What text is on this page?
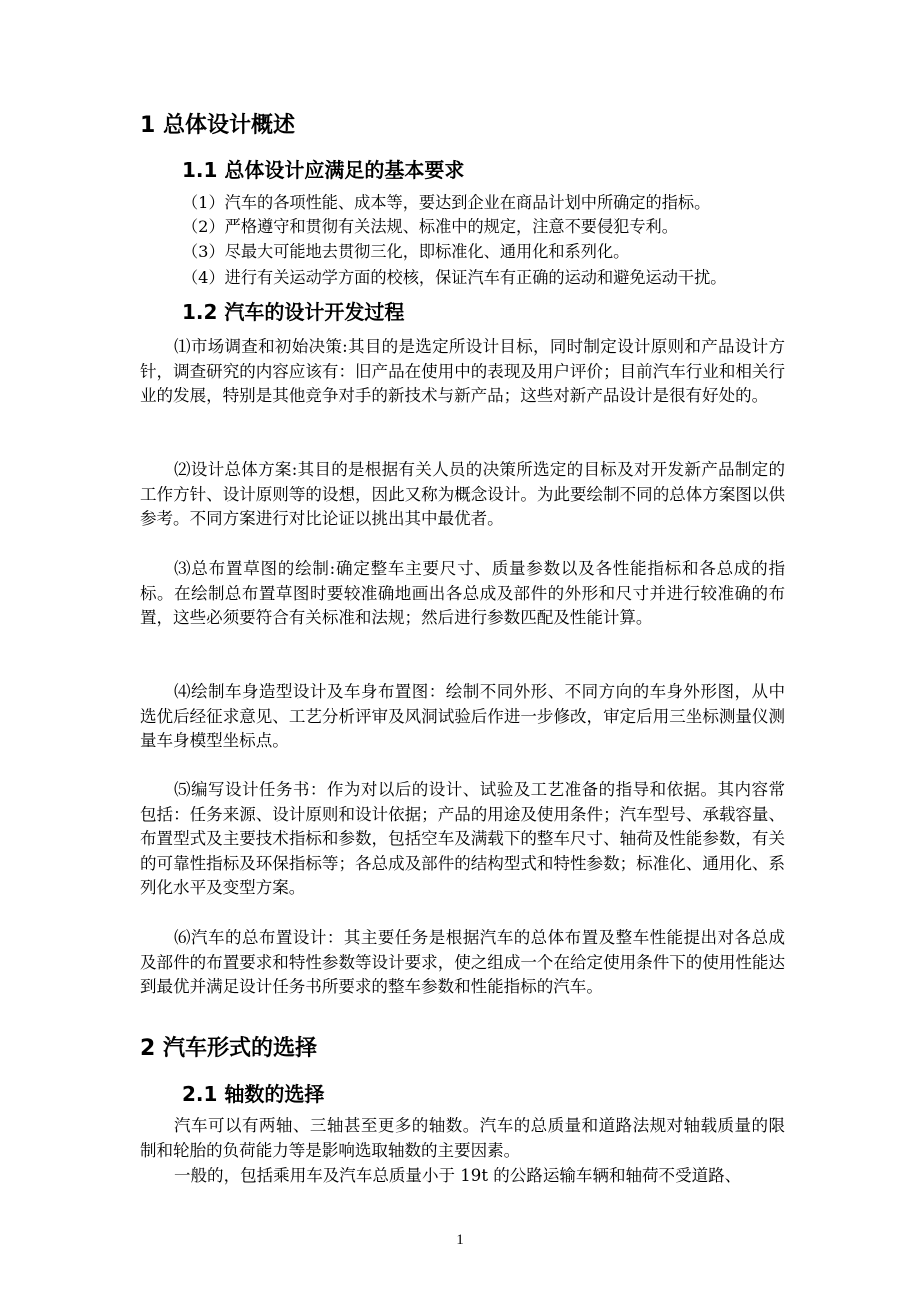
1 总体设计概述
1.1 总体设计应满足的基本要求

（1）汽车的各项性能、成本等，要达到企业在商品计划中所确定的指标。

（2）严格遵守和贯彻有关法规、标准中的规定，注意不要侵犯专利。

（3）尽最大可能地去贯彻三化，即标准化、通用化和系列化。

（4）进行有关运动学方面的校核，保证汽车有正确的运动和避免运动干扰。

1.2 汽车的设计开发过程

⑴市场调查和初始决策:其目的是选定所设计目标，同时制定设计原则和产品设计方针，调查研究的内容应该有：旧产品在使用中的表现及用户评价；目前汽车行业和相关行业的发展，特别是其他竞争对手的新技术与新产品；这些对新产品设计是很有好处的。

⑵设计总体方案:其目的是根据有关人员的决策所选定的目标及对开发新产品制定的工作方针、设计原则等的设想，因此又称为概念设计。为此要绘制不同的总体方案图以供参考。不同方案进行对比论证以挑出其中最优者。

⑶总布置草图的绘制:确定整车主要尺寸、质量参数以及各性能指标和各总成的指标。在绘制总布置草图时要较准确地画出各总成及部件的外形和尺寸并进行较准确的布置，这些必须要符合有关标准和法规；然后进行参数匹配及性能计算。

⑷绘制车身造型设计及车身布置图：绘制不同外形、不同方向的车身外形图，从中选优后经征求意见、工艺分析评审及风洞试验后作进一步修改，审定后用三坐标测量仪测量车身模型坐标点。

⑸编写设计任务书：作为对以后的设计、试验及工艺准备的指导和依据。其内容常包括：任务来源、设计原则和设计依据；产品的用途及使用条件；汽车型号、承载容量、布置型式及主要技术指标和参数，包括空车及满载下的整车尺寸、轴荷及性能参数，有关的可靠性指标及环保指标等；各总成及部件的结构型式和特性参数；标准化、通用化、系列化水平及变型方案。

⑹汽车的总布置设计：其主要任务是根据汽车的总体布置及整车性能提出对各总成及部件的布置要求和特性参数等设计要求，使之组成一个在给定使用条件下的使用性能达到最优并满足设计任务书所要求的整车参数和性能指标的汽车。

2 汽车形式的选择
2.1 轴数的选择

汽车可以有两轴、三轴甚至更多的轴数。汽车的总质量和道路法规对轴载质量的限制和轮胎的负荷能力等是影响选取轴数的主要因素。

一般的，包括乘用车及汽车总质量小于 19t 的公路运输车辆和轴荷不受道路、

1
